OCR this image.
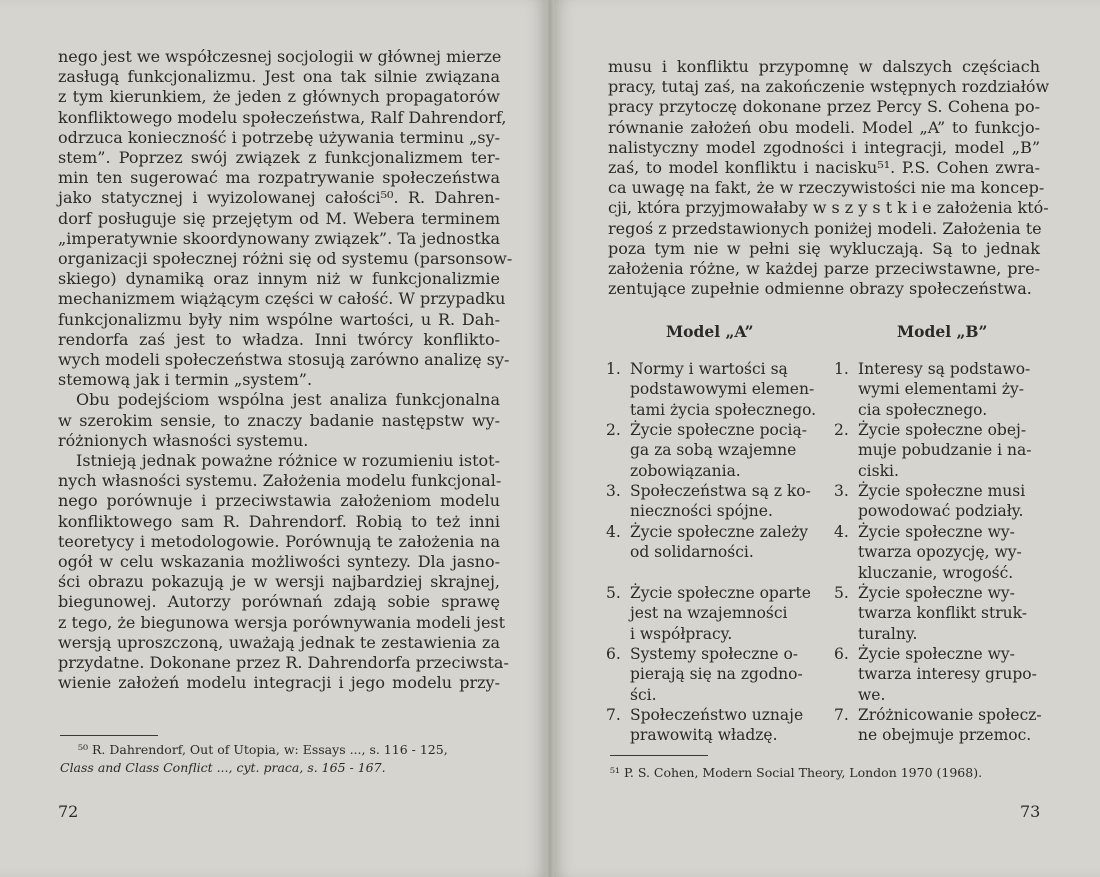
nego jest we współczesnej socjologii w głównej mierze
zasługą funkcjonalizmu. Jest ona tak silnie związana
z tym kierunkiem, że jeden z głównych propagatorów
konfliktowego modelu społeczeństwa, Ralf Dahrendorf,
odrzuca konieczność i potrzebę używania terminu „sy-
stem”. Poprzez swój związek z funkcjonalizmem ter-
min ten sugerować ma rozpatrywanie społeczeństwa
jako statycznej i wyizolowanej całości⁵⁰. R. Dahren-
dorf posługuje się przejętym od M. Webera terminem
„imperatywnie skoordynowany związek”. Ta jednostka
organizacji społecznej różni się od systemu (parsonsow-
skiego) dynamiką oraz innym niż w funkcjonalizmie
mechanizmem wiążącym części w całość. W przypadku
funkcjonalizmu były nim wspólne wartości, u R. Dah-
rendorfa zaś jest to władza. Inni twórcy konflikto-
wych modeli społeczeństwa stosują zarówno analizę sy-
stemową jak i termin „system”.
Obu podejściom wspólna jest analiza funkcjonalna
w szerokim sensie, to znaczy badanie następstw wy-
różnionych własności systemu.
Istnieją jednak poważne różnice w rozumieniu istot-
nych własności systemu. Założenia modelu funkcjonal-
nego porównuje i przeciwstawia założeniom modelu
konfliktowego sam R. Dahrendorf. Robią to też inni
teoretycy i metodologowie. Porównują te założenia na
ogół w celu wskazania możliwości syntezy. Dla jasno-
ści obrazu pokazują je w wersji najbardziej skrajnej,
biegunowej. Autorzy porównań zdają sobie sprawę
z tego, że biegunowa wersja porównywania modeli jest
wersją uproszczoną, uważają jednak te zestawienia za
przydatne. Dokonane przez R. Dahrendorfa przeciwsta-
wienie założeń modelu integracji i jego modelu przy-
⁵⁰ R. Dahrendorf, Out of Utopia, w: Essays ..., s. 116 - 125,
Class and Class Conflict ..., cyt. praca, s. 165 - 167.
72
musu i konfliktu przypomnę w dalszych częściach
pracy, tutaj zaś, na zakończenie wstępnych rozdziałów
pracy przytoczę dokonane przez Percy S. Cohena po-
równanie założeń obu modeli. Model „A” to funkcjo-
nalistyczny model zgodności i integracji, model „B”
zaś, to model konfliktu i nacisku⁵¹. P.S. Cohen zwra-
ca uwagę na fakt, że w rzeczywistości nie ma koncep-
cji, która przyjmowałaby w s z y s t k i e założenia któ-
regoś z przedstawionych poniżej modeli. Założenia te
poza tym nie w pełni się wykluczają. Są to jednak
założenia różne, w każdej parze przeciwstawne, pre-
zentujące zupełnie odmienne obrazy społeczeństwa.
Model „A”	Model „B”
1. Normy i wartości są
podstawowymi elemen-
tami życia społecznego.
2. Życie społeczne pocią-
ga za sobą wzajemne
zobowiązania.
3. Społeczeństwa są z ko-
nieczności spójne.
4. Życie społeczne zależy
od solidarności.
5. Życie społeczne oparte
jest na wzajemności
i współpracy.
6. Systemy społeczne o-
pierają się na zgodno-
ści.
7. Społeczeństwo uznaje
prawowitą władzę.
1. Interesy są podstawo-
wymi elementami ży-
cia społecznego.
2. Życie społeczne obej-
muje pobudzanie i na-
ciski.
3. Życie społeczne musi
powodować podziały.
4. Życie społeczne wy-
twarza opozycję, wy-
kluczanie, wrogość.
5. Życie społeczne wy-
twarza konflikt struk-
turalny.
6. Życie społeczne wy-
twarza interesy grupo-
we.
7. Zróżnicowanie społecz-
ne obejmuje przemoc.
⁵¹ P. S. Cohen, Modern Social Theory, London 1970 (1968).
73
